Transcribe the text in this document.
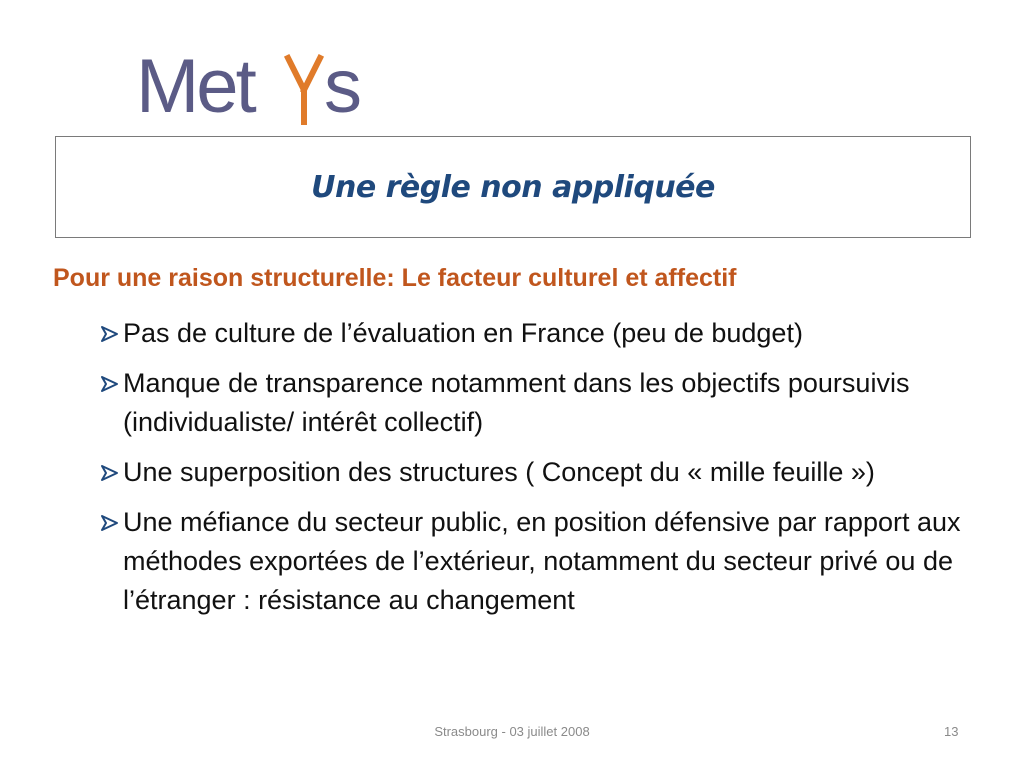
Met s
Une règle non appliquée
Pour une raison structurelle: Le facteur culturel et affectif
Pas de culture de l’évaluation en France (peu de budget)
Manque de transparence notamment dans les objectifs poursuivis (individualiste/ intérêt collectif)
Une superposition des structures ( Concept du « mille feuille »)
Une méfiance du secteur public, en position défensive par rapport aux méthodes exportées de l’extérieur, notamment du secteur privé ou de l’étranger : résistance au changement
Strasbourg - 03 juillet 2008	13
